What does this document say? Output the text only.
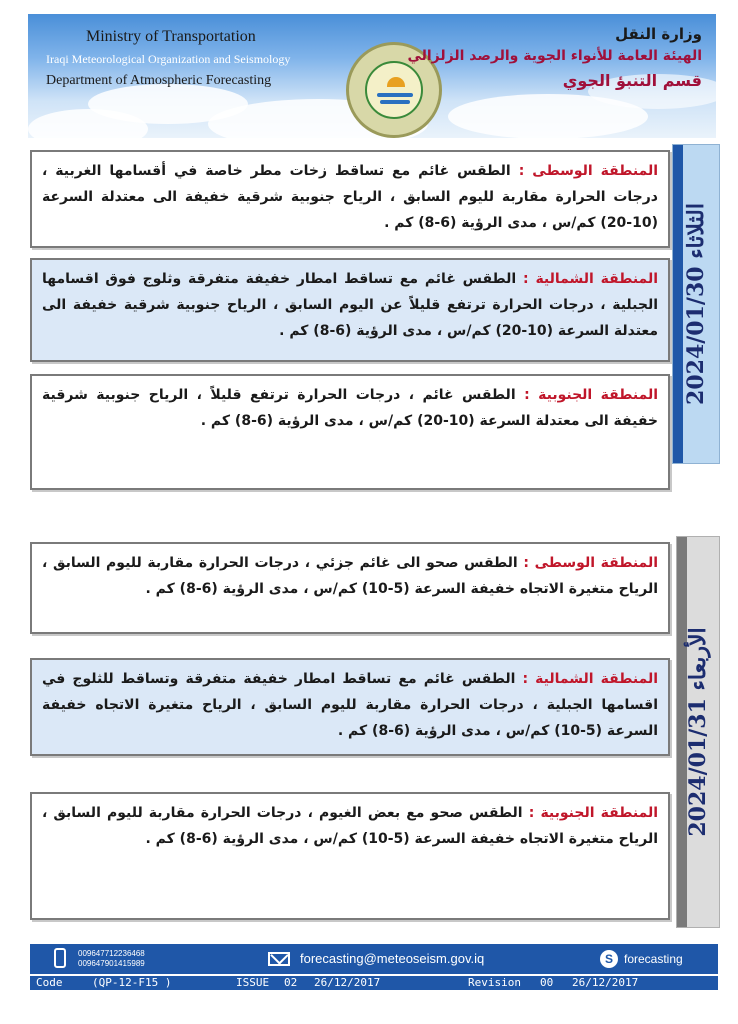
Ministry of Transportation
Iraqi Meteorological Organization and Seismology
Department of Atmospheric Forecasting
وزارة النقل
الهيئة العامة للأنواء الجوية والرصد الزلزالي
قسم التنبؤ الجوي
الثلاثاء 2024/01/30
المنطقة الوسطى : الطقس غائم مع تساقط زخات مطر خاصة في أقسامها الغربية ، درجات الحرارة مقاربة لليوم السابق ، الرياح جنوبية شرقية خفيفة الى معتدلة السرعة (10-20) كم/س ، مدى الرؤية (6-8) كم .
المنطقة الشمالية : الطقس غائم مع تساقط امطار خفيفة متفرقة وثلوج فوق اقسامها الجبلية ، درجات الحرارة ترتفع قليلاً عن اليوم السابق ، الرياح جنوبية شرقية خفيفة الى معتدلة السرعة (10-20) كم/س ، مدى الرؤية (6-8) كم .
المنطقة الجنوبية : الطقس غائم ، درجات الحرارة ترتفع قليلاً ، الرياح جنوبية شرقية خفيفة الى معتدلة السرعة (10-20) كم/س ، مدى الرؤية (6-8) كم .
الأربعاء 2024/01/31
المنطقة الوسطى : الطقس صحو الى غائم جزئي ، درجات الحرارة مقاربة لليوم السابق ، الرياح متغيرة الاتجاه خفيفة السرعة (5-10) كم/س ، مدى الرؤية (6-8) كم .
المنطقة الشمالية : الطقس غائم مع تساقط امطار خفيفة متفرقة وتساقط للثلوج في اقسامها الجبلية ، درجات الحرارة مقاربة لليوم السابق ، الرياح متغيرة الاتجاه خفيفة السرعة (5-10) كم/س ، مدى الرؤية (6-8) كم .
المنطقة الجنوبية : الطقس صحو مع بعض الغيوم ، درجات الحرارة مقاربة لليوم السابق ، الرياح متغيرة الاتجاه خفيفة السرعة (5-10) كم/س ، مدى الرؤية (6-8) كم .
009647712236468
009647901415989	forecasting@meteoseism.gov.iq	S forecasting
Code	(QP-12-F15 )	ISSUE 02 26/12/2017	Revision 00 26/12/2017
